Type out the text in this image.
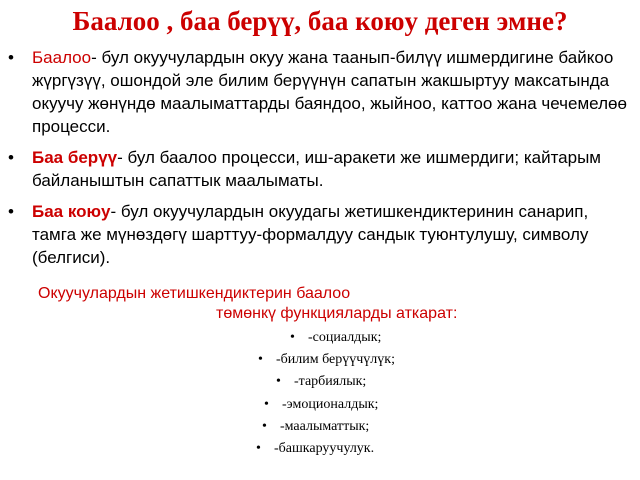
Баалоо , баа берүү, баа коюу деген эмне?
• Баалоо- бул окуучулардын окуу жана таанып-билүү ишмердигине байкоо жүргүзүү, ошондой эле билим берүүнүн сапатын жакшыртуу максатында окуучу жөнүндө маалыматтарды баяндоо, жыйноо, каттоо жана чечемелөө процесси.
• Баа берүү- бул баалоо процесси, иш-аракети же ишмердиги; кайтарым байланыштын сапаттык маалыматы.
• Баа коюу- бул окуучулардын окуудагы жетишкендиктеринин санарип, тамга же мүнөздөгү шарттуу-формалдуу сандык туюнтулушу, символу (белгиси).
Окуучулардын жетишкендиктерин баалоо
төмөнкү функцияларды аткарат:
• -социалдык;
• -билим берүүчүлүк;
• -тарбиялык;
• -эмоционалдык;
• -маалыматтык;
• -башкаруучулук.
